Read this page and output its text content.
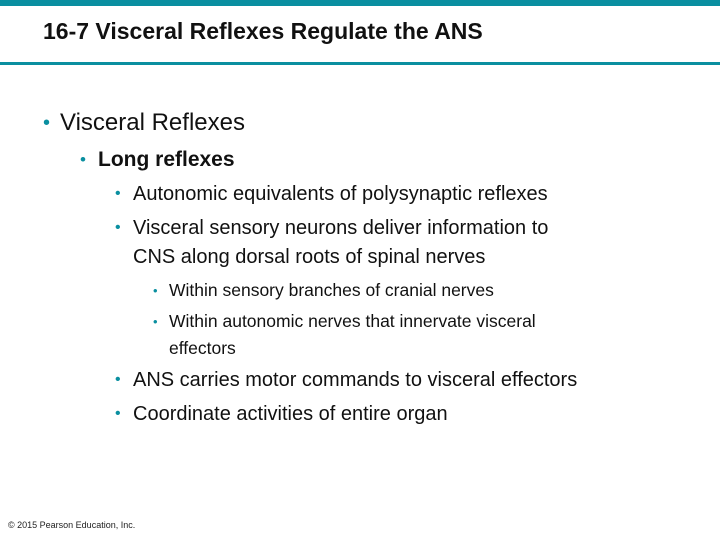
16-7 Visceral Reflexes Regulate the ANS
• Visceral Reflexes
• Long reflexes
• Autonomic equivalents of polysynaptic reflexes
• Visceral sensory neurons deliver information to
CNS along dorsal roots of spinal nerves
• Within sensory branches of cranial nerves
• Within autonomic nerves that innervate visceral
effectors
• ANS carries motor commands to visceral effectors
• Coordinate activities of entire organ
© 2015 Pearson Education, Inc.
